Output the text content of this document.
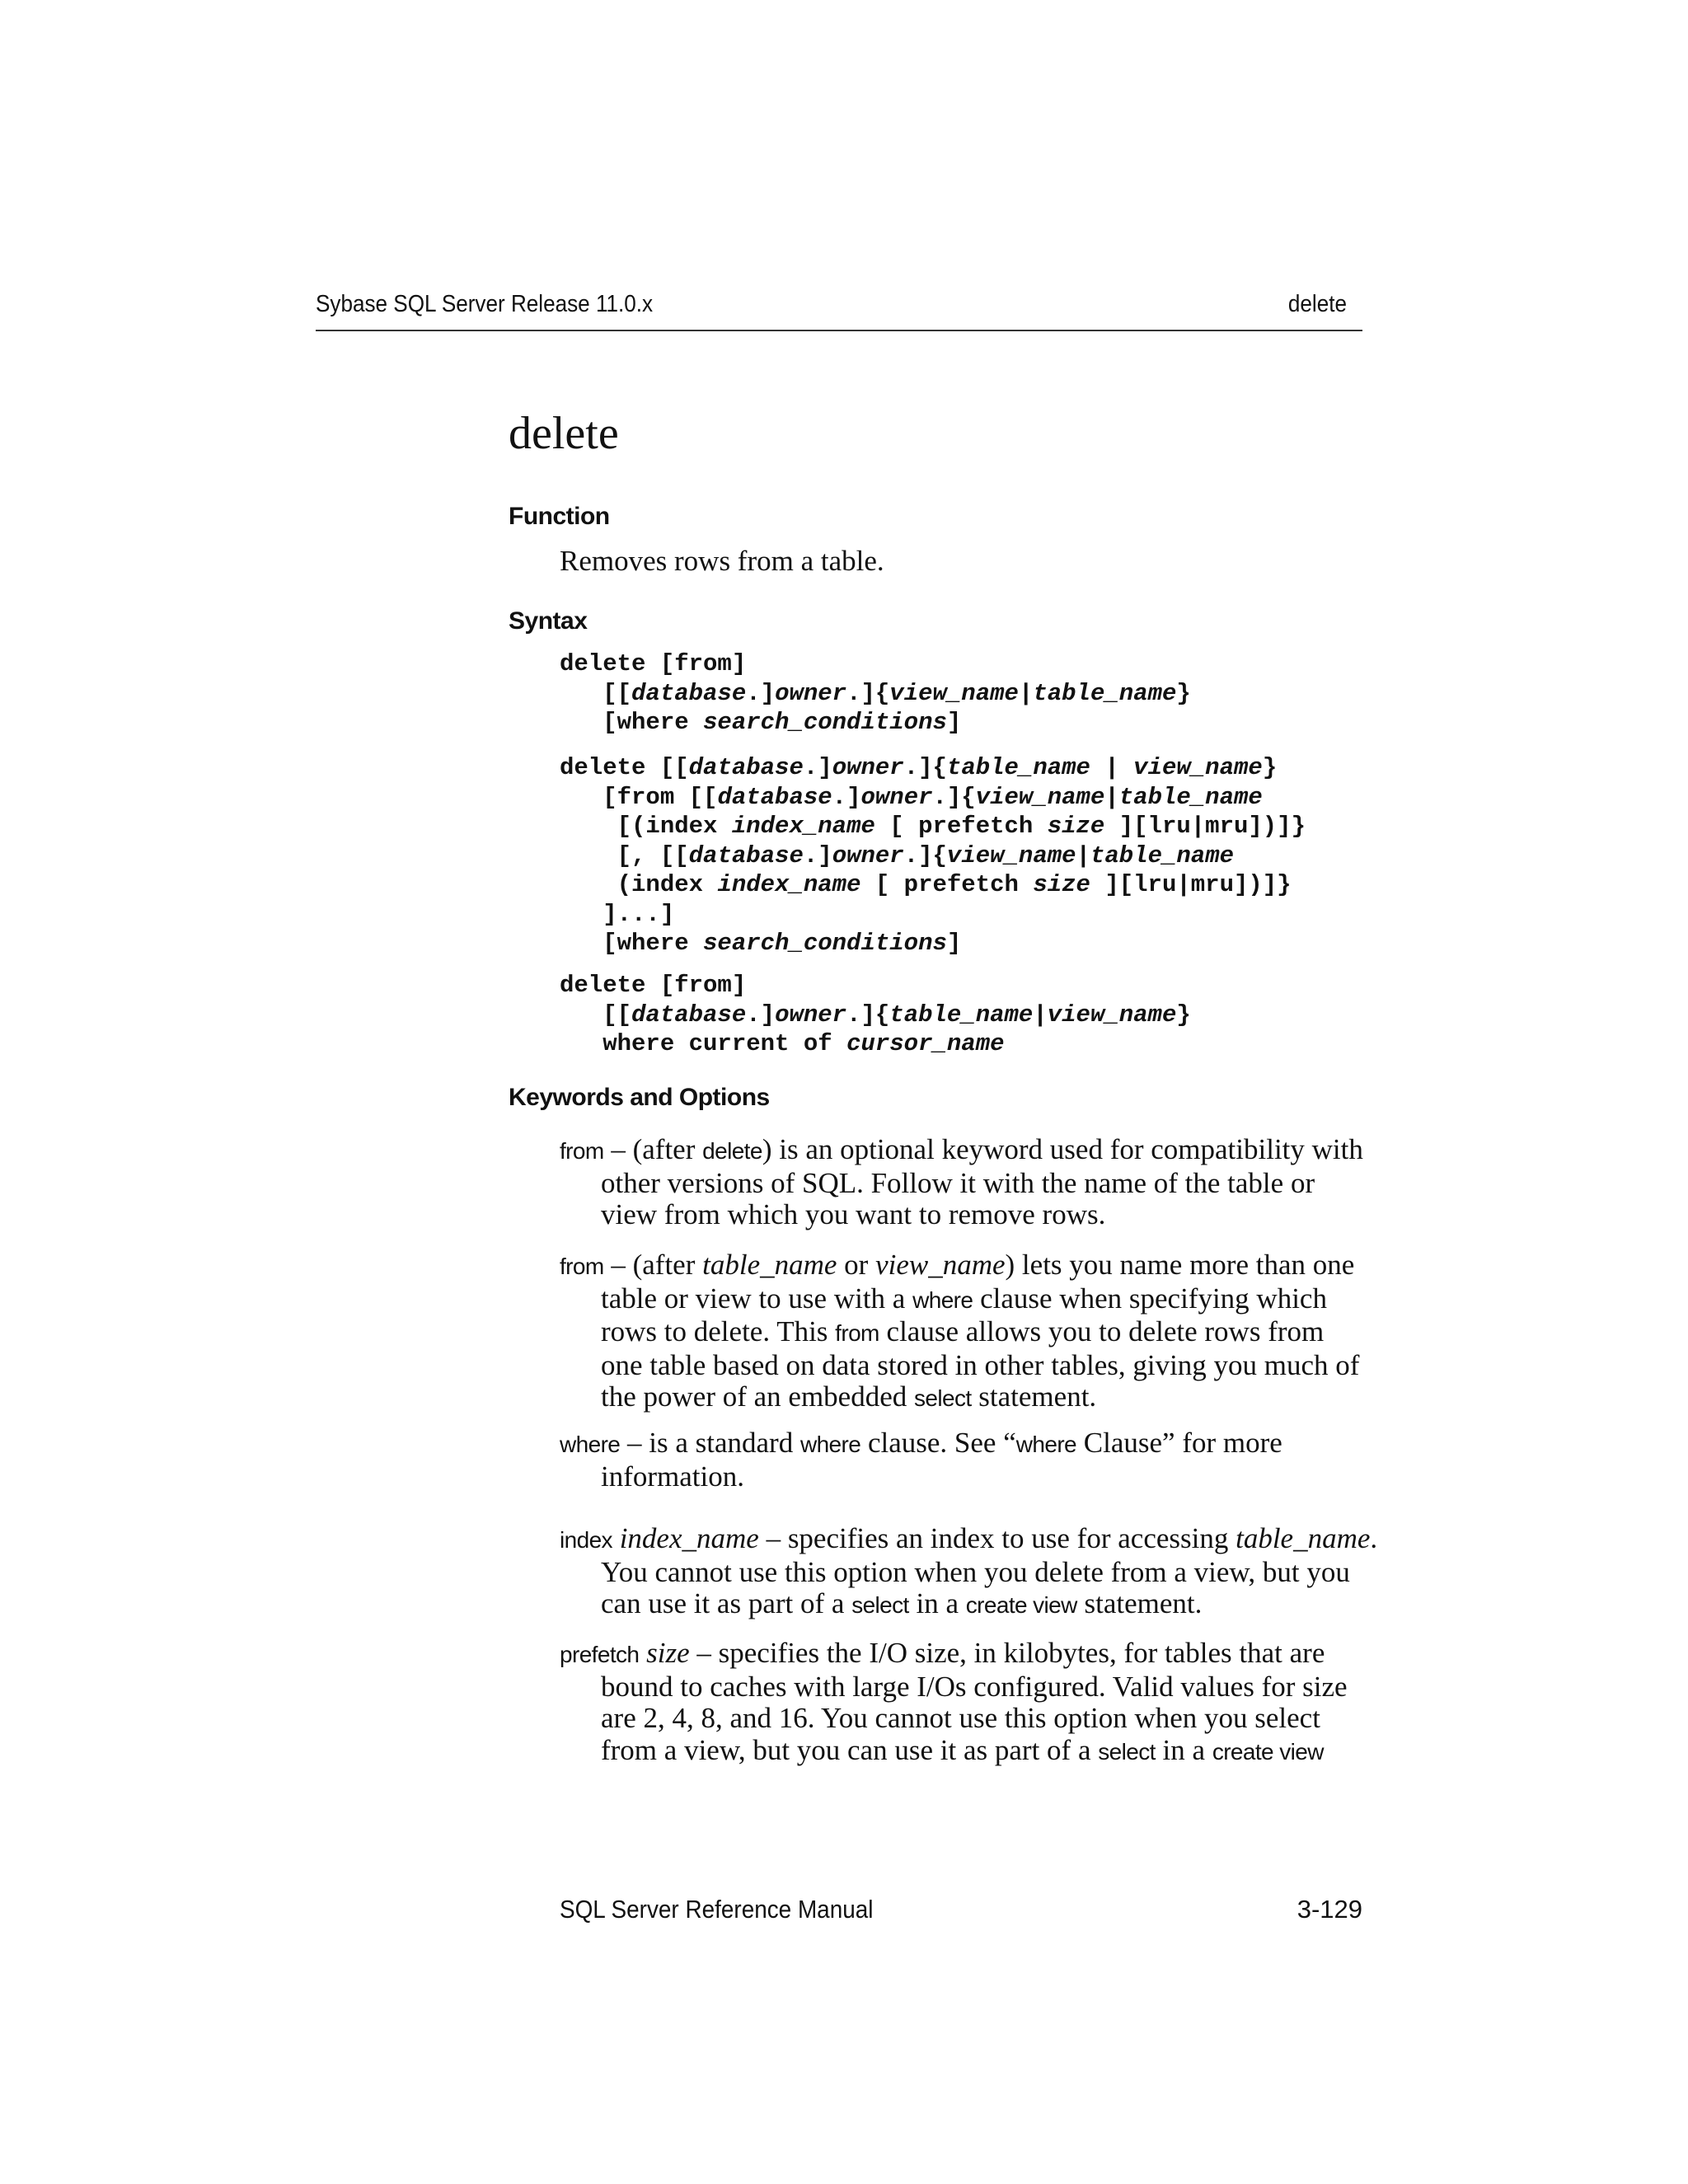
Sybase SQL Server Release 11.0.x	delete
delete
Function

Removes rows from a table.

Syntax
delete [from]
[[database.]owner.]{view_name|table_name}
[where search_conditions]
delete [[database.]owner.]{table_name | view_name}
[from [[database.]owner.]{view_name|table_name
[(index index_name [ prefetch size ][lru|mru])]}
[, [[database.]owner.]{view_name|table_name
(index index_name [ prefetch size ][lru|mru])]}
]...]
[where search_conditions]
delete [from]
[[database.]owner.]{table_name|view_name}
where current of cursor_name
Keywords and Options
from – (after delete) is an optional keyword used for compatibility with
other versions of SQL. Follow it with the name of the table or
view from which you want to remove rows.
from – (after table_name or view_name) lets you name more than one
table or view to use with a where clause when specifying which
rows to delete. This from clause allows you to delete rows from
one table based on data stored in other tables, giving you much of
the power of an embedded select statement.
where – is a standard where clause. See “where Clause” for more
information.
index index_name – specifies an index to use for accessing table_name.
You cannot use this option when you delete from a view, but you
can use it as part of a select in a create view statement.
prefetch size – specifies the I/O size, in kilobytes, for tables that are
bound to caches with large I/Os configured. Valid values for size
are 2, 4, 8, and 16. You cannot use this option when you select
from a view, but you can use it as part of a select in a create view
SQL Server Reference Manual	3-129
